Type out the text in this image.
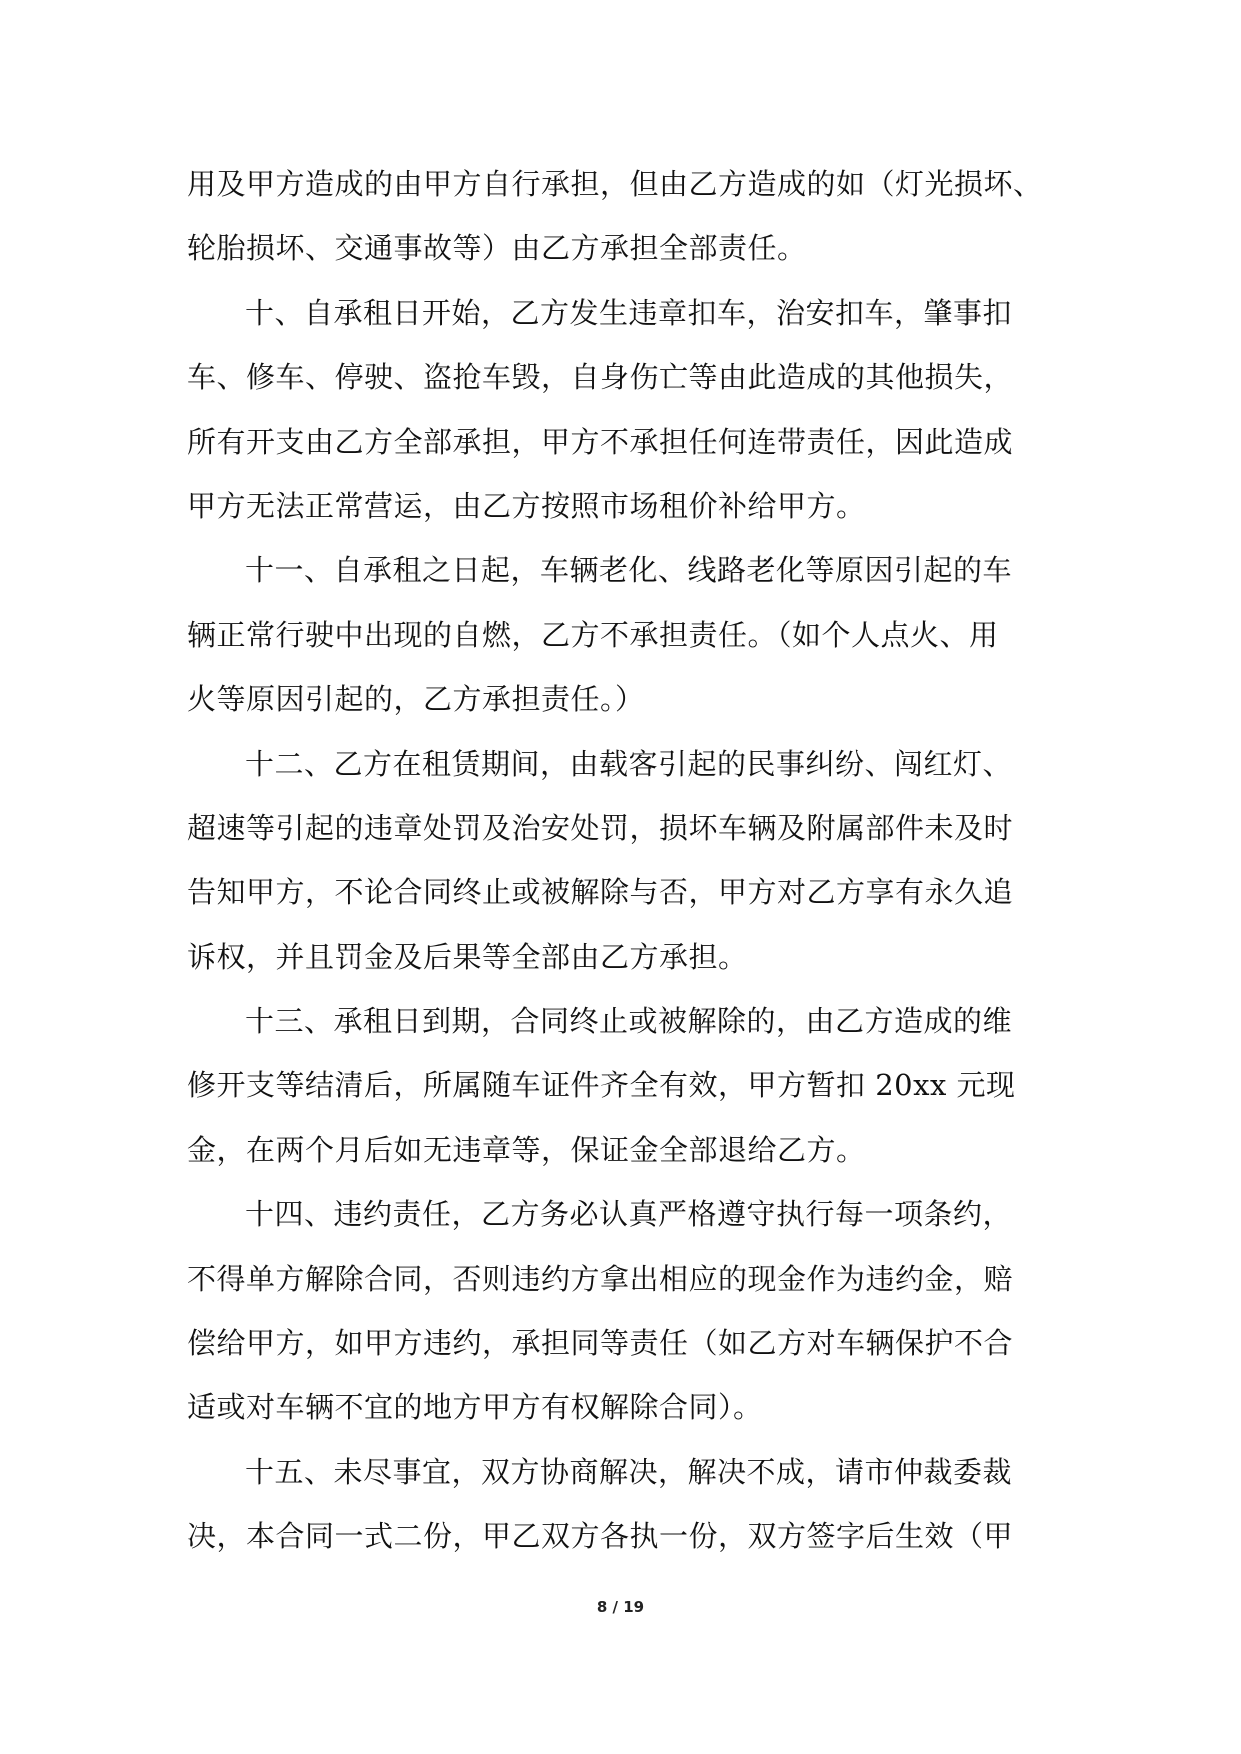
用及甲方造成的由甲方自行承担，但由乙方造成的如（灯光损坏、
轮胎损坏、交通事故等）由乙方承担全部责任。
十、自承租日开始，乙方发生违章扣车，治安扣车，肇事扣
车、修车、停驶、盗抢车毁，自身伤亡等由此造成的其他损失，
所有开支由乙方全部承担，甲方不承担任何连带责任，因此造成
甲方无法正常营运，由乙方按照市场租价补给甲方。
十一、自承租之日起，车辆老化、线路老化等原因引起的车
辆正常行驶中出现的自燃，乙方不承担责任。（如个人点火、用
火等原因引起的，乙方承担责任。）
十二、乙方在租赁期间，由载客引起的民事纠纷、闯红灯、
超速等引起的违章处罚及治安处罚，损坏车辆及附属部件未及时
告知甲方，不论合同终止或被解除与否，甲方对乙方享有永久追
诉权，并且罚金及后果等全部由乙方承担。
十三、承租日到期，合同终止或被解除的，由乙方造成的维
修开支等结清后，所属随车证件齐全有效，甲方暂扣 20xx 元现
金，在两个月后如无违章等，保证金全部退给乙方。
十四、违约责任，乙方务必认真严格遵守执行每一项条约，
不得单方解除合同，否则违约方拿出相应的现金作为违约金，赔
偿给甲方，如甲方违约，承担同等责任（如乙方对车辆保护不合
适或对车辆不宜的地方甲方有权解除合同）。
十五、未尽事宜，双方协商解决，解决不成，请市仲裁委裁
决，本合同一式二份，甲乙双方各执一份，双方签字后生效（甲
8 / 19
